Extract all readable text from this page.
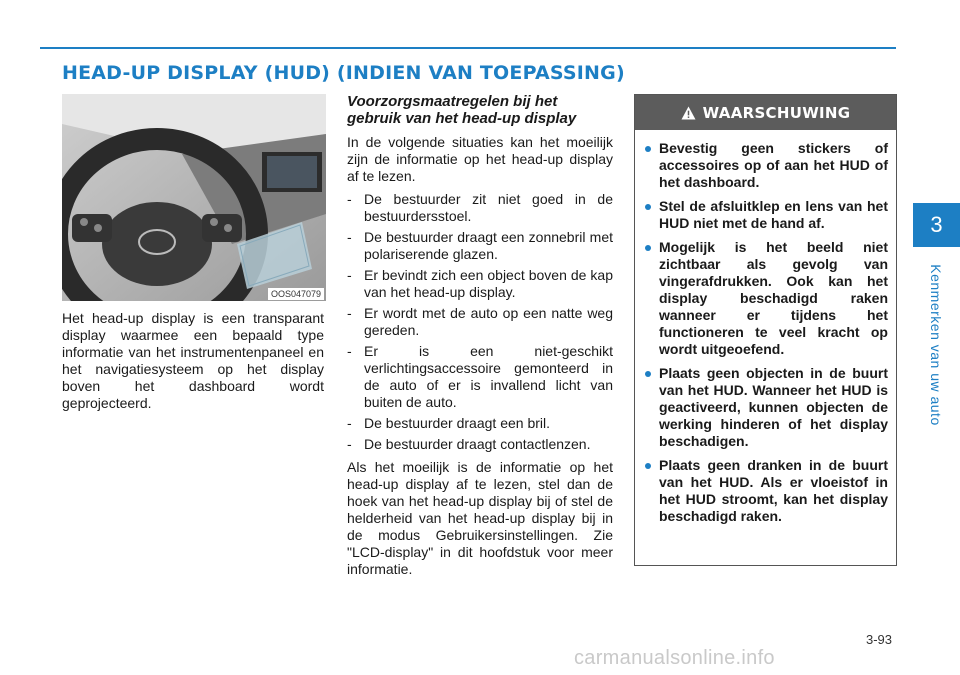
HEAD-UP DISPLAY (HUD) (INDIEN VAN TOEPASSING)
3
Kenmerken van uw auto
OOS047079

Het head-up display is een transparant display waarmee een bepaald type informatie van het instrumentenpaneel en het navigatiesysteem op het display boven het dashboard wordt geprojecteerd.

Voorzorgsmaatregelen bij het gebruik van het head-up display

In de volgende situaties kan het moeilijk zijn de informatie op het head-up display af te lezen.

- De bestuurder zit niet goed in de bestuurdersstoel.
- De bestuurder draagt een zonnebril met polariserende glazen.
- Er bevindt zich een object boven de kap van het head-up display.
- Er wordt met de auto op een natte weg gereden.
- Er is een niet-geschikt verlichtingsaccessoire gemonteerd in de auto of er is invallend licht van buiten de auto.
- De bestuurder draagt een bril.
- De bestuurder draagt contactlenzen.

Als het moeilijk is de informatie op het head-up display af te lezen, stel dan de hoek van het head-up display bij of stel de helderheid van het head-up display bij in de modus Gebruikersinstellingen. Zie "LCD-display" in dit hoofdstuk voor meer informatie.

WAARSCHUWING
Bevestig geen stickers of accessoires op of aan het HUD of het dashboard.
Stel de afsluitklep en lens van het HUD niet met de hand af.
Mogelijk is het beeld niet zichtbaar als gevolg van vingerafdrukken. Ook kan het display beschadigd raken wanneer er tijdens het functioneren te veel kracht op wordt uitgeoefend.
Plaats geen objecten in de buurt van het HUD. Wanneer het HUD is geactiveerd, kunnen objecten de werking hinderen of het display beschadigen.
Plaats geen dranken in de buurt van het HUD. Als er vloeistof in het HUD stroomt, kan het display beschadigd raken.
3-93
carmanualsonline.info
